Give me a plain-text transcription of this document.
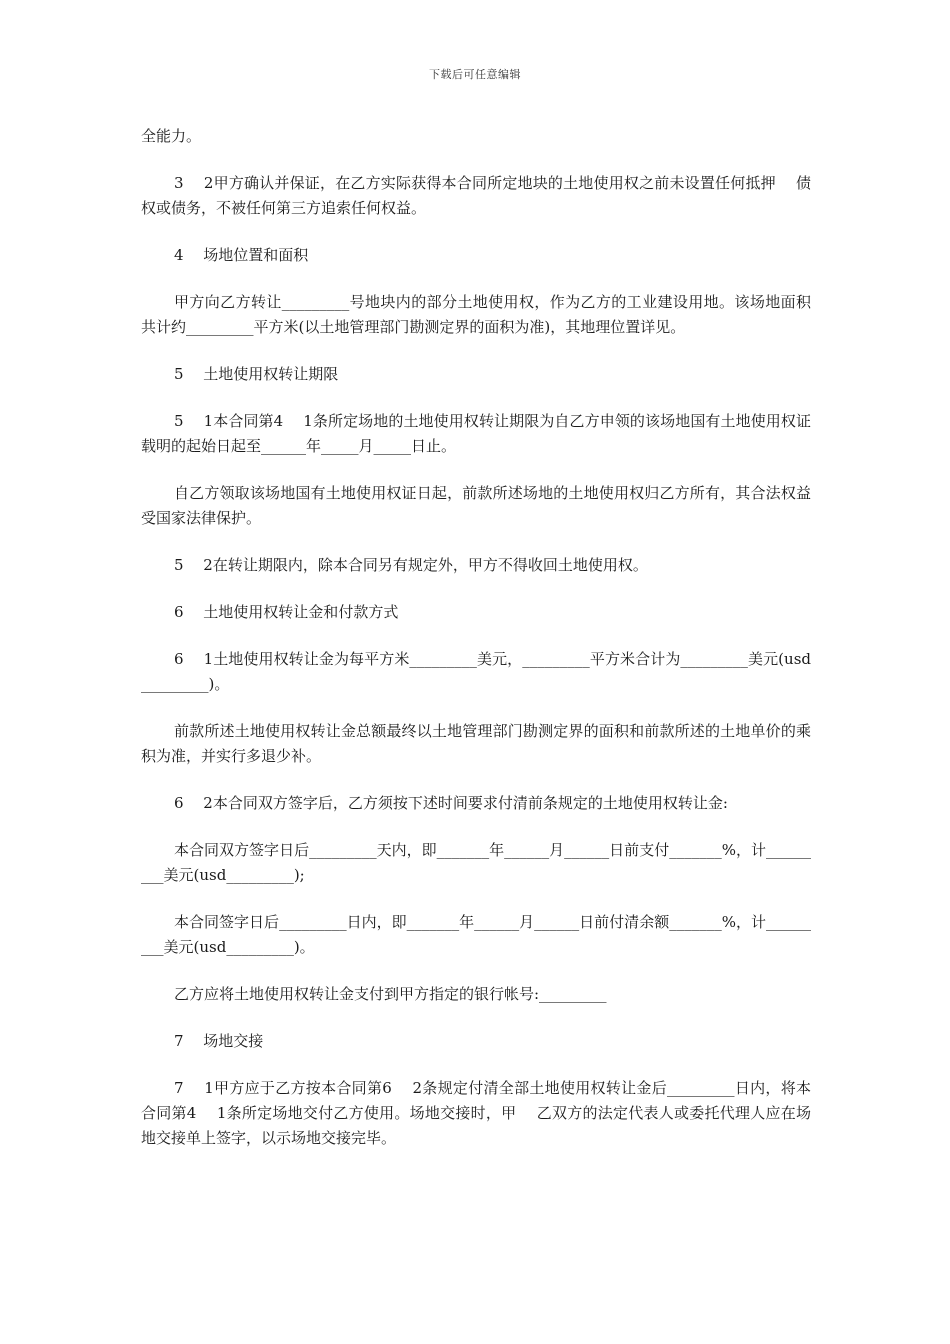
下载后可任意编辑

全能力。

3　 2甲方确认并保证，在乙方实际获得本合同所定地块的土地使用权之前未设置任何抵押　 债权或债务，不被任何第三方追索任何权益。

4　 场地位置和面积

甲方向乙方转让_________号地块内的部分土地使用权，作为乙方的工业建设用地。该场地面积共计约_________平方米(以土地管理部门勘测定界的面积为准)，其地理位置详见。

5　 土地使用权转让期限

5　 1本合同第4　 1条所定场地的土地使用权转让期限为自乙方申领的该场地国有土地使用权证载明的起始日起至______年_____月_____日止。

自乙方领取该场地国有土地使用权证日起，前款所述场地的土地使用权归乙方所有，其合法权益受国家法律保护。

5　 2在转让期限内，除本合同另有规定外，甲方不得收回土地使用权。

6　 土地使用权转让金和付款方式

6　 1土地使用权转让金为每平方米_________美元，_________平方米合计为_________美元(usd_________)。

前款所述土地使用权转让金总额最终以土地管理部门勘测定界的面积和前款所述的土地单价的乘积为准，并实行多退少补。

6　 2本合同双方签字后，乙方须按下述时间要求付清前条规定的土地使用权转让金:

本合同双方签字日后_________天内，即_______年______月______日前支付_______%，计_________美元(usd_________);

本合同签字日后_________日内，即_______年______月______日前付清余额_______%，计_________美元(usd_________)。

乙方应将土地使用权转让金支付到甲方指定的银行帐号:_________

7　 场地交接

7　 1甲方应于乙方按本合同第6　 2条规定付清全部土地使用权转让金后_________日内，将本合同第4　 1条所定场地交付乙方使用。场地交接时，甲　 乙双方的法定代表人或委托代理人应在场地交接单上签字，以示场地交接完毕。
